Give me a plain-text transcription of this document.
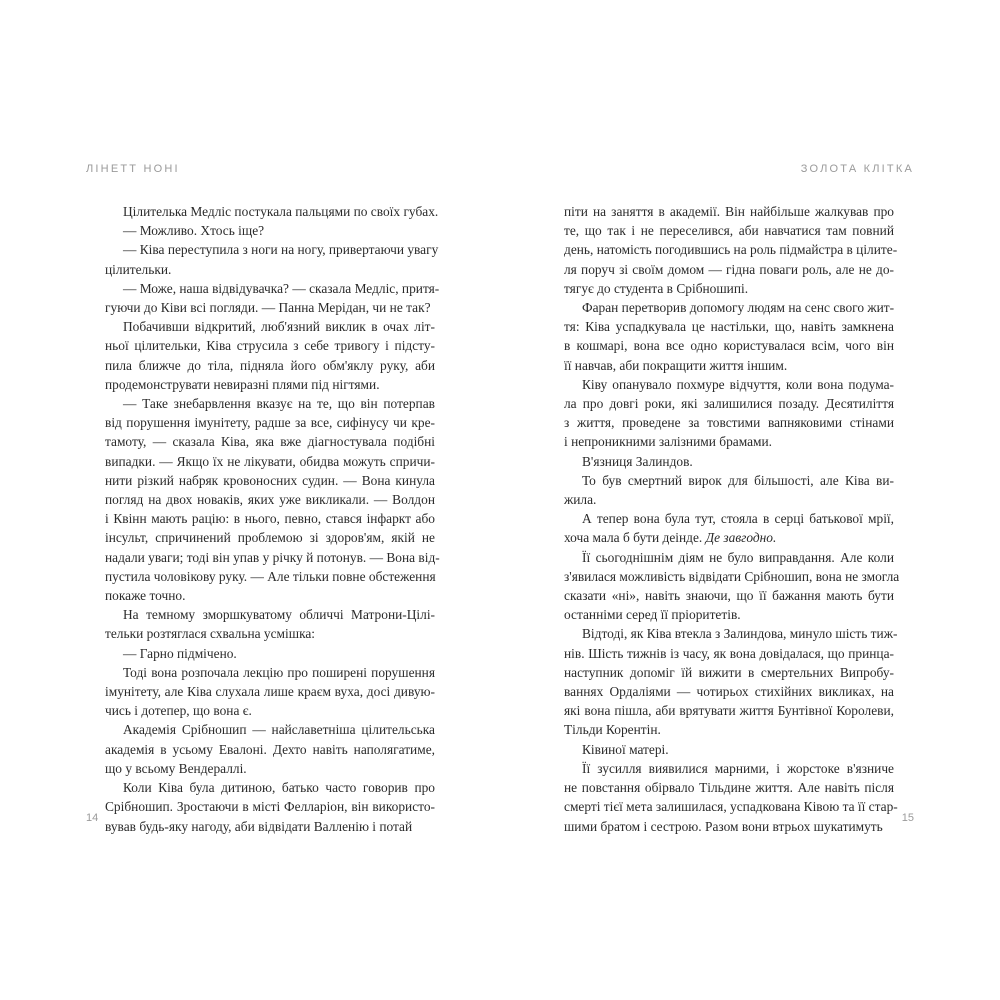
ЛІНЕТТ НОНІ
Цілителька Медліс постукала пальцями по своїх губах.
— Можливо. Хтось іще?
— Ківа переступила з ноги на ногу, привертаючи увагу
цілительки.
— Може, наша відвідувачка? — сказала Медліс, притя-
гуючи до Ківи всі погляди. — Панна Мерідан, чи не так?
Побачивши відкритий, люб'язний виклик в очах літ-
ньої цілительки, Ківа струсила з себе тривогу і підсту-
пила ближче до тіла, підняла його обм'яклу руку, аби
продемонструвати невиразні плями під нігтями.
— Таке знебарвлення вказує на те, що він потерпав
від порушення імунітету, радше за все, сифінусу чи кре-
тамоту, — сказала Ківа, яка вже діагностувала подібні
випадки. — Якщо їх не лікувати, обидва можуть спричи-
нити різкий набряк кровоносних судин. — Вона кинула
погляд на двох новаків, яких уже викликали. — Волдон
і Квінн мають рацію: в нього, певно, стався інфаркт або
інсульт, спричинений проблемою зі здоров'ям, якій не
надали уваги; тоді він упав у річку й потонув. — Вона від-
пустила чоловікову руку. — Але тільки повне обстеження
покаже точно.
На темному зморшкуватому обличчі Матрони-Цілі-
тельки розтяглася схвальна усмішка:
— Гарно підмічено.
Тоді вона розпочала лекцію про поширені порушення
імунітету, але Ківа слухала лише краєм вуха, досі дивую-
чись і дотепер, що вона є.
Академія Срібношип — найславетніша цілительська
академія в усьому Евалоні. Дехто навіть наполягатиме,
що у всьому Вендераллі.
Коли Ківа була дитиною, батько часто говорив про
Срібношип. Зростаючи в місті Фелларіон, він використо-
вував будь-яку нагоду, аби відвідати Валленію і потай
14
ЗОЛОТА КЛІТКА
піти на заняття в академії. Він найбільше жалкував про
те, що так і не переселився, аби навчатися там повний
день, натомість погодившись на роль підмайстра в цілите-
ля поруч зі своїм домом — гідна поваги роль, але не до-
тягує до студента в Срібношипі.
Фаран перетворив допомогу людям на сенс свого жит-
тя: Ківа успадкувала це настільки, що, навіть замкнена
в кошмарі, вона все одно користувалася всім, чого він
її навчав, аби покращити життя іншим.
Ківу опанувало похмуре відчуття, коли вона подума-
ла про довгі роки, які залишилися позаду. Десятиліття
з життя, проведене за товстими вапняковими стінами
і непроникними залізними брамами.
В'язниця Залиндов.
То був смертний вирок для більшості, але Ківа ви-
жила.
А тепер вона була тут, стояла в серці батькової мрії,
хоча мала б бути деінде. Де завгодно.
Її сьогоднішнім діям не було виправдання. Але коли
з'явилася можливість відвідати Срібношип, вона не змогла
сказати «ні», навіть знаючи, що її бажання мають бути
останніми серед її пріоритетів.
Відтоді, як Ківа втекла з Залиндова, минуло шість тиж-
нів. Шість тижнів із часу, як вона довідалася, що принца-
наступник допоміг їй вижити в смертельних Випробу-
ваннях Ордаліями — чотирьох стихійних викликах, на
які вона пішла, аби врятувати життя Бунтівної Королеви,
Тільди Корентін.
Ківиної матері.
Її зусилля виявилися марними, і жорстоке в'язниче
не повстання обірвало Тільдине життя. Але навіть після
смерті тієї мета залишилася, успадкована Ківою та її стар-
шими братом і сестрою. Разом вони втрьох шукатимуть
15
